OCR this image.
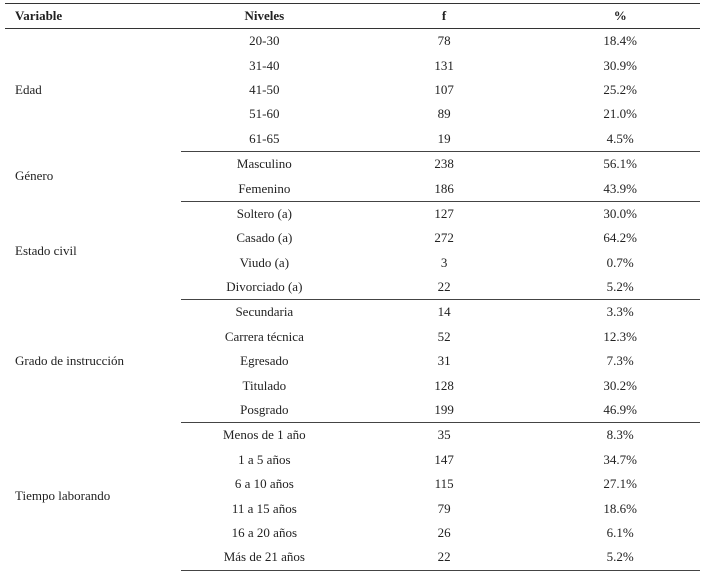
Variable	Niveles	f	%
Edad	20-30	78	18.4%
	31-40	131	30.9%
	41-50	107	25.2%
	51-60	89	21.0%
	61-65	19	4.5%
Género	Masculino	238	56.1%
	Femenino	186	43.9%
Estado civil	Soltero (a)	127	30.0%
	Casado (a)	272	64.2%
	Viudo (a)	3	0.7%
	Divorciado (a)	22	5.2%
Grado de instrucción	Secundaria	14	3.3%
	Carrera técnica	52	12.3%
	Egresado	31	7.3%
	Titulado	128	30.2%
	Posgrado	199	46.9%
Tiempo laborando	Menos de 1 año	35	8.3%
	1 a 5 años	147	34.7%
	6 a 10 años	115	27.1%
	11 a 15 años	79	18.6%
	16 a 20 años	26	6.1%
	Más de 21 años	22	5.2%
